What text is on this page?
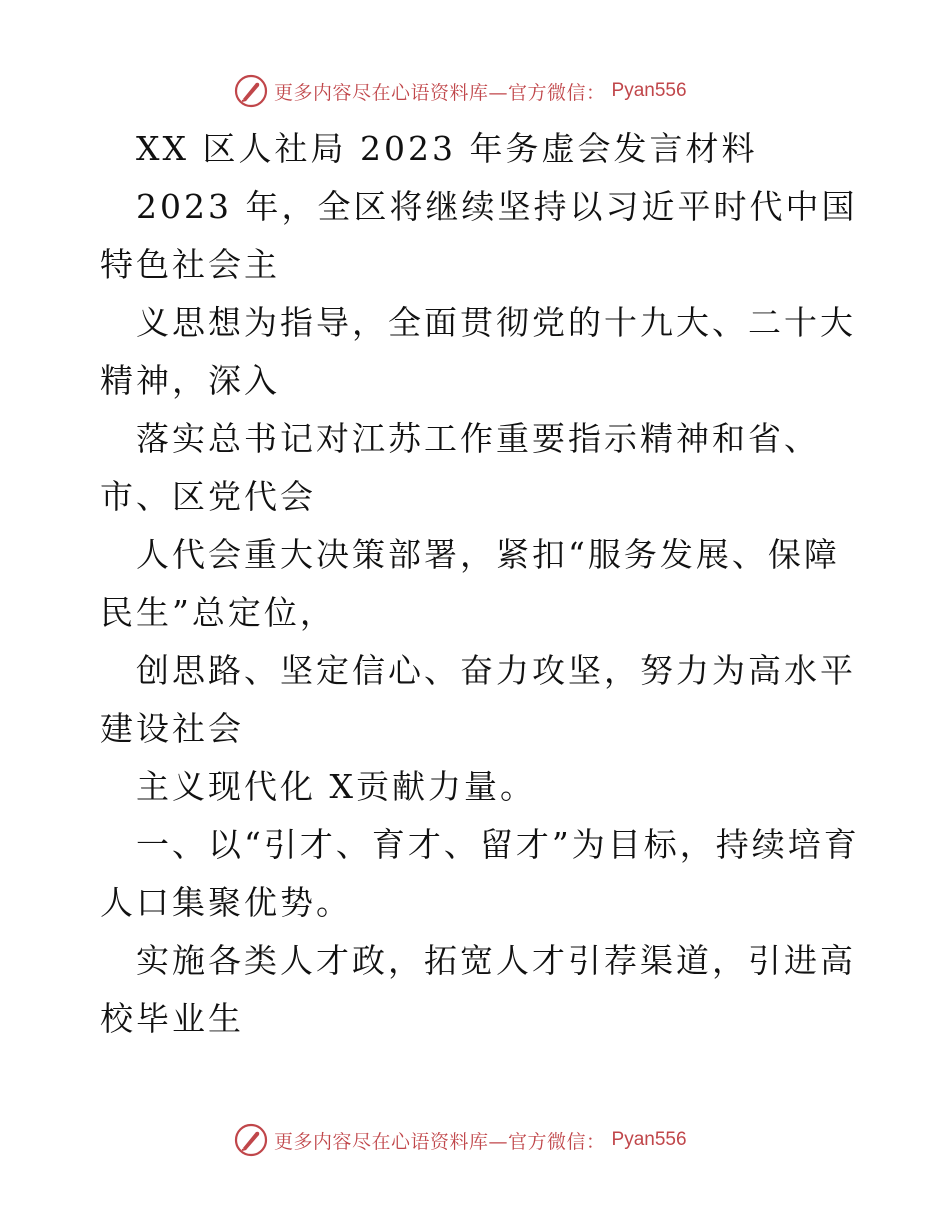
更多内容尽在心语资料库—官方微信： Pyan556

XX 区人社局 2023 年务虚会发言材料

2023 年，全区将继续坚持以习近平时代中国特色社会主

义思想为指导，全面贯彻党的十九大、二十大精神，深入

落实总书记对江苏工作重要指示精神和省、市、区党代会

人代会重大决策部署，紧扣“服务发展、保障民生”总定位，

创思路、坚定信心、奋力攻坚，努力为高水平建设社会

主义现代化 X贡献力量。

一、以“引才、育才、留才”为目标，持续培育人口集聚优势。

实施各类人才政，拓宽人才引荐渠道，引进高校毕业生

更多内容尽在心语资料库—官方微信： Pyan556
